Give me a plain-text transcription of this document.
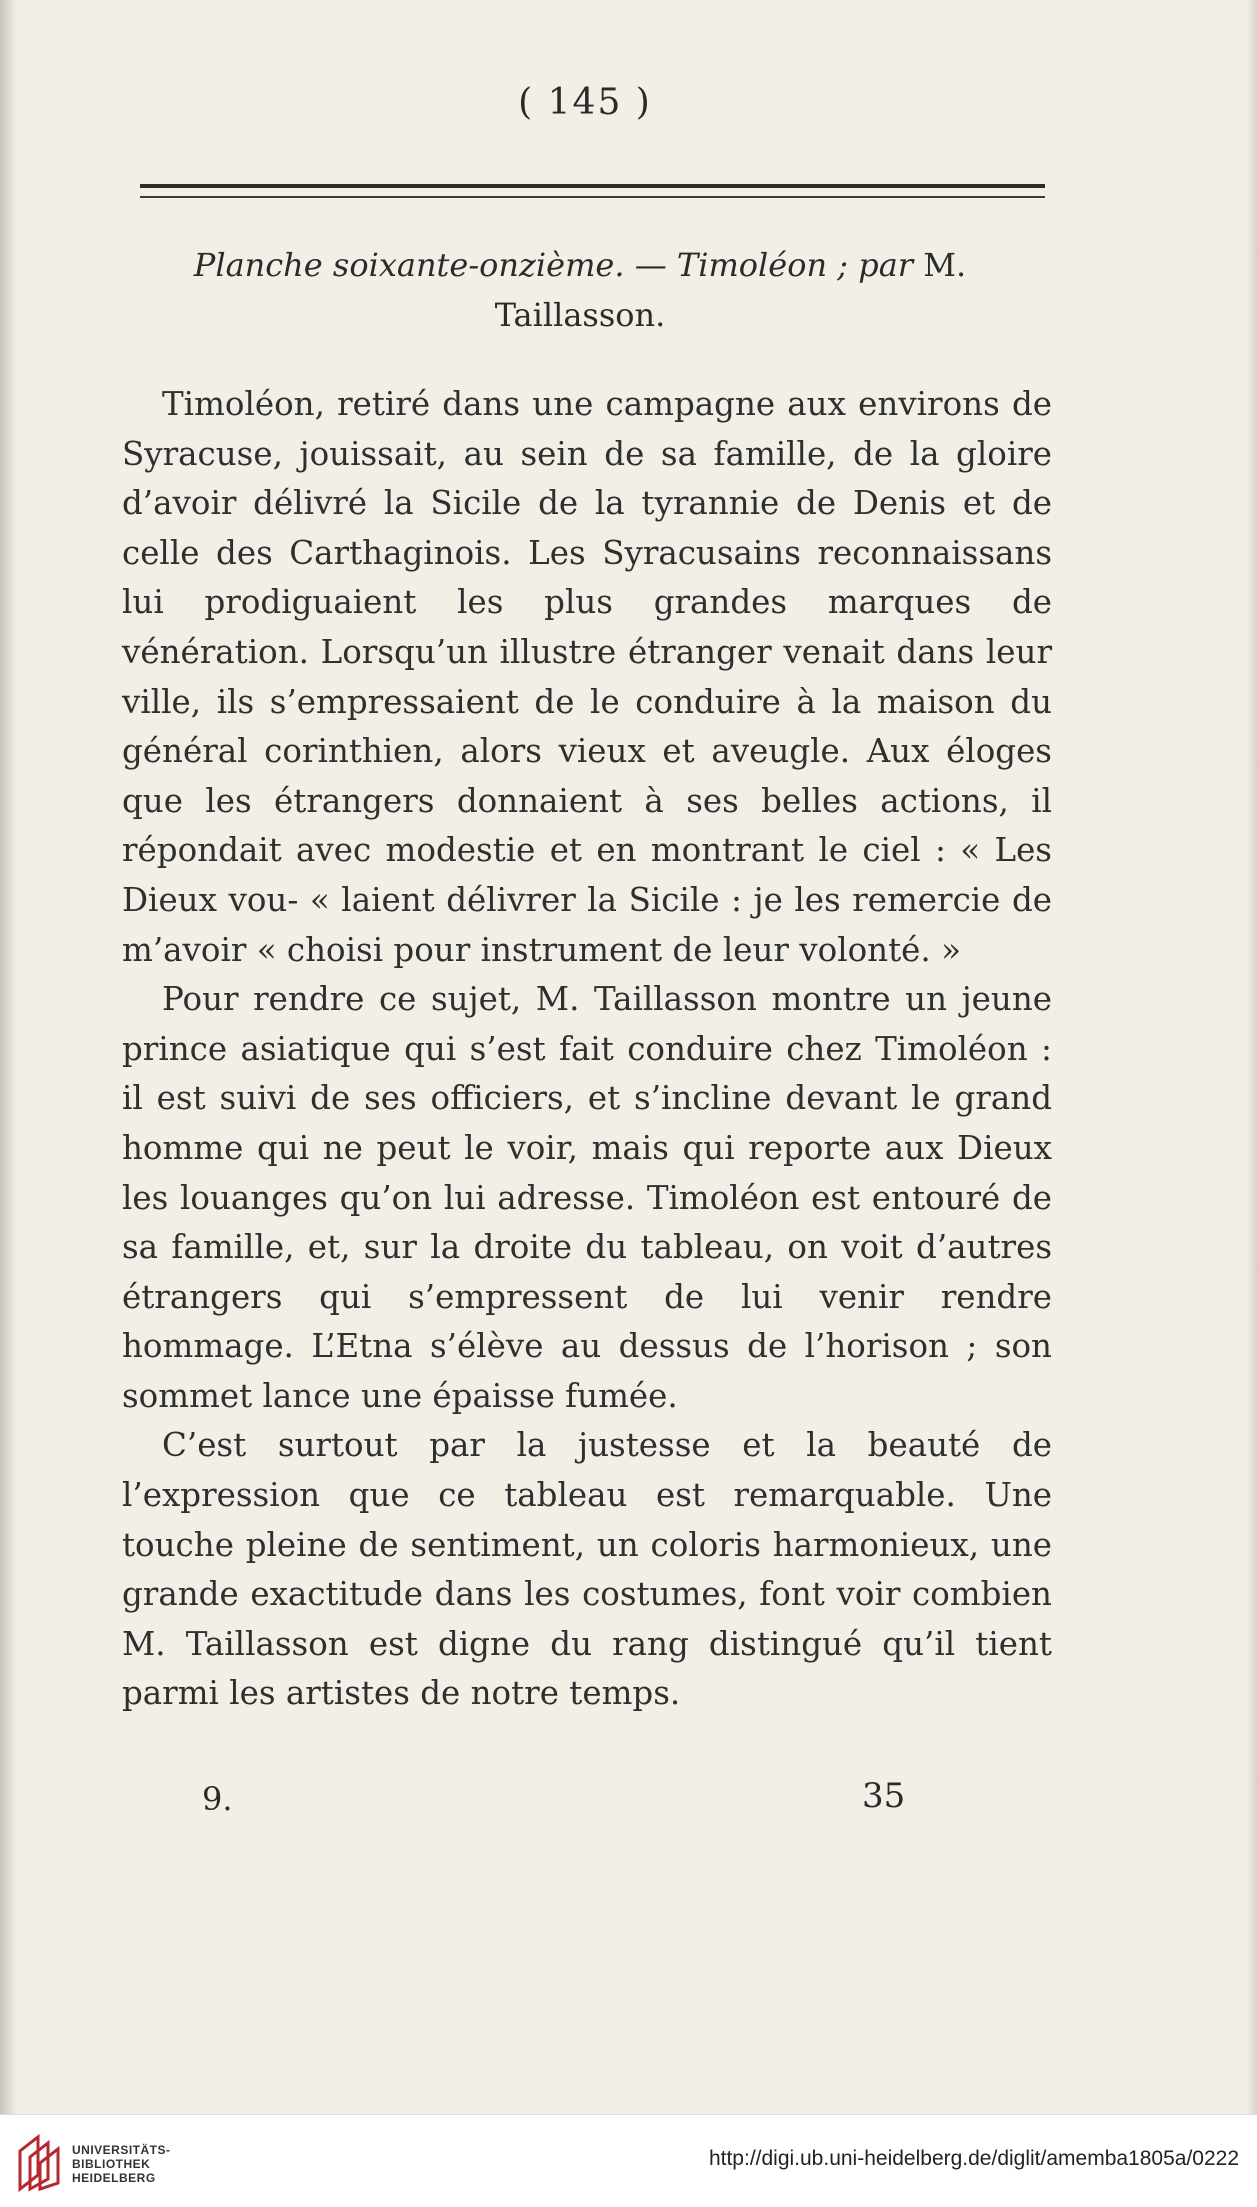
( 145 )
Planche soixante-onzième. — Timoléon ; par M. Taillasson.

Timoléon, retiré dans une campagne aux environs de Syracuse, jouissait, au sein de sa famille, de la gloire d’avoir délivré la Sicile de la tyrannie de Denis et de celle des Carthaginois. Les Syracusains reconnaissans lui prodiguaient les plus grandes marques de vénération. Lorsqu’un illustre étranger venait dans leur ville, ils s’empressaient de le conduire à la maison du général corinthien, alors vieux et aveugle. Aux éloges que les étrangers donnaient à ses belles actions, il répondait avec modestie et en montrant le ciel : « Les Dieux vou- « laient délivrer la Sicile : je les remercie de m’avoir « choisi pour instrument de leur volonté. »

Pour rendre ce sujet, M. Taillasson montre un jeune prince asiatique qui s’est fait conduire chez Timoléon : il est suivi de ses officiers, et s’incline devant le grand homme qui ne peut le voir, mais qui reporte aux Dieux les louanges qu’on lui adresse. Timoléon est entouré de sa famille, et, sur la droite du tableau, on voit d’autres étrangers qui s’empressent de lui venir rendre hommage. L’Etna s’élève au dessus de l’horison ; son sommet lance une épaisse fumée.

C’est surtout par la justesse et la beauté de l’expression que ce tableau est remarquable. Une touche pleine de sentiment, un coloris harmonieux, une grande exactitude dans les costumes, font voir combien M. Taillasson est digne du rang distingué qu’il tient parmi les artistes de notre temps.

9.	35
UNIVERSITÄTS-
BIBLIOTHEK
HEIDELBERG
http://digi.ub.uni-heidelberg.de/diglit/amemba1805a/0222
